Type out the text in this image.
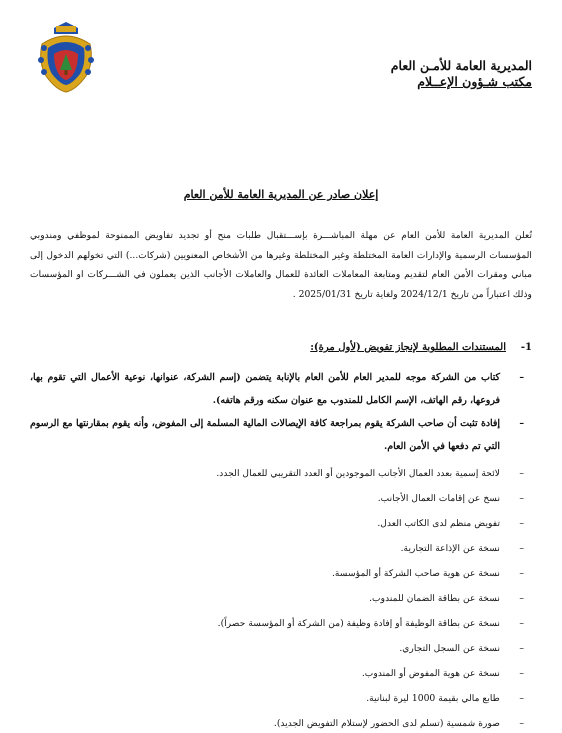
المديرية العامة للأمـن العام
مكتب شـؤون الإعــلام
إعلان صادر عن المديرية العامة للأمن العام
تُعلن المديرية العامة للأمن العام عن مهلة المباشـــرة بإســـتقبال طلبات منح أو تجديد تفاويض الممنوحة لموظفي ومندوبي المؤسسات الرسمية والإدارات العامة المختلطة وغير المختلطة وغيرها من الأشخاص المعنويين (شركات...) التي تخولهم الدخول إلى مباني ومقرات الأمن العام لتقديم ومتابعة المعاملات العائدة للعمال والعاملات الأجانب الذين يعملون في الشـــركات او المؤسسات وذلك اعتباراً من تاريخ 2024/12/1 ولغاية تاريخ 2025/01/31 .
1-المستندات المطلوبة لإنجاز تفويض (لأول مرة):
–
كتاب من الشركة موجه للمدير العام للأمن العام بالإنابة يتضمن (إسم الشركة، عنوانها، نوعية الأعمال التي تقوم بها، فروعها، رقم الهاتف، الإسم الكامل للمندوب مع عنوان سكنه ورقم هاتفه).
–
إفادة تثبت أن صاحب الشركة يقوم بمراجعة كافة الإيصالات المالية المسلمة إلى المفوض، وأنه يقوم بمقارنتها مع الرسوم التي تم دفعها في الأمن العام.
–
لائحة إسمية بعدد العمال الأجانب الموجودين أو العدد التقريبي للعمال الجدد.
–
نسخ عن إقامات العمال الأجانب.
–
تفويض منظم لدى الكاتب العدل.
–
نسخة عن الإذاعة التجارية.
–
نسخة عن هوية صاحب الشركة أو المؤسسة.
–
نسخة عن بطاقة الضمان للمندوب.
–
نسخة عن بطاقة الوظيفة أو إفادة وظيفة (من الشركة أو المؤسسة حصراً).
–
نسخة عن السجل التجاري.
–
نسخة عن هوية المفوض أو المندوب.
–
طابع مالي بقيمة 1000 ليرة لبنانية.
–
صورة شمسية (تسلم لدى الحضور لإستلام التفويض الجديد).
